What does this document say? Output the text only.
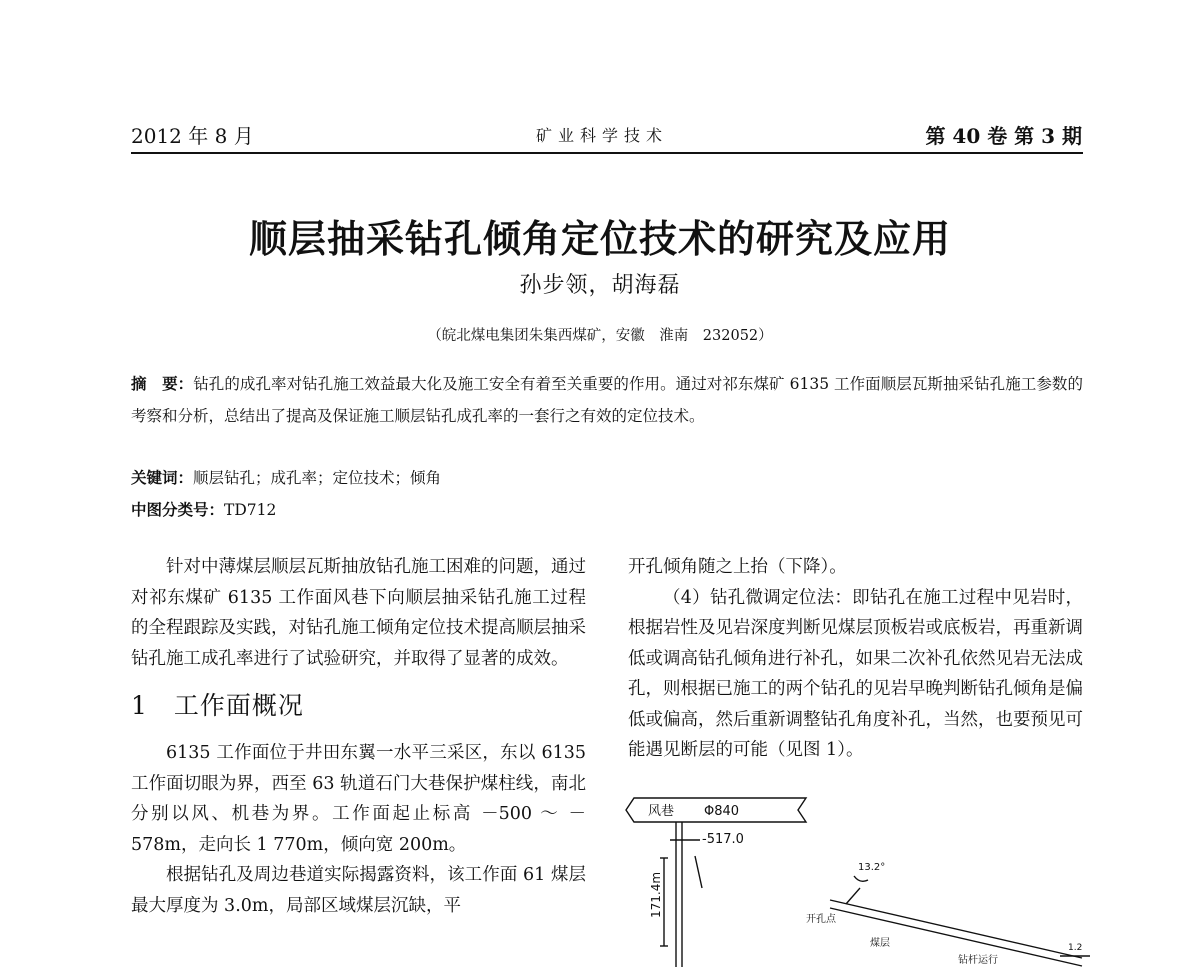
2012 年 8 月	矿业科学技术	第 40 卷 第 3 期
顺层抽采钻孔倾角定位技术的研究及应用
孙步领，胡海磊
（皖北煤电集团朱集西煤矿，安徽　淮南　232052）
摘　要：钻孔的成孔率对钻孔施工效益最大化及施工安全有着至关重要的作用。通过对祁东煤矿 6135 工作面顺层瓦斯抽采钻孔施工参数的考察和分析，总结出了提高及保证施工顺层钻孔成孔率的一套行之有效的定位技术。
关键词：顺层钻孔；成孔率；定位技术；倾角
中图分类号：TD712

针对中薄煤层顺层瓦斯抽放钻孔施工困难的问题，通过对祁东煤矿 6135 工作面风巷下向顺层抽采钻孔施工过程的全程跟踪及实践，对钻孔施工倾角定位技术提高顺层抽采钻孔施工成孔率进行了试验研究，并取得了显著的成效。

1　工作面概况

6135 工作面位于井田东翼一水平三采区，东以 6135 工作面切眼为界，西至 63 轨道石门大巷保护煤柱线，南北分别以风、机巷为界。工作面起止标高 －500 ～ －578m，走向长 1 770m，倾向宽 200m。

根据钻孔及周边巷道实际揭露资料，该工作面 61 煤层最大厚度为 3.0m，局部区域煤层沉缺，平

开孔倾角随之上抬（下降）。

（4）钻孔微调定位法：即钻孔在施工过程中见岩时，根据岩性及见岩深度判断见煤层顶板岩或底板岩，再重新调低或调高钻孔倾角进行补孔，如果二次补孔依然见岩无法成孔，则根据已施工的两个钻孔的见岩早晚判断钻孔倾角是偏低或偏高，然后重新调整钻孔角度补孔，当然，也要预见可能遇见断层的可能（见图 1）。

风巷 Φ840
-517.0
171.4m
13.2°
开孔点
煤层
钻杆运行
1.2
